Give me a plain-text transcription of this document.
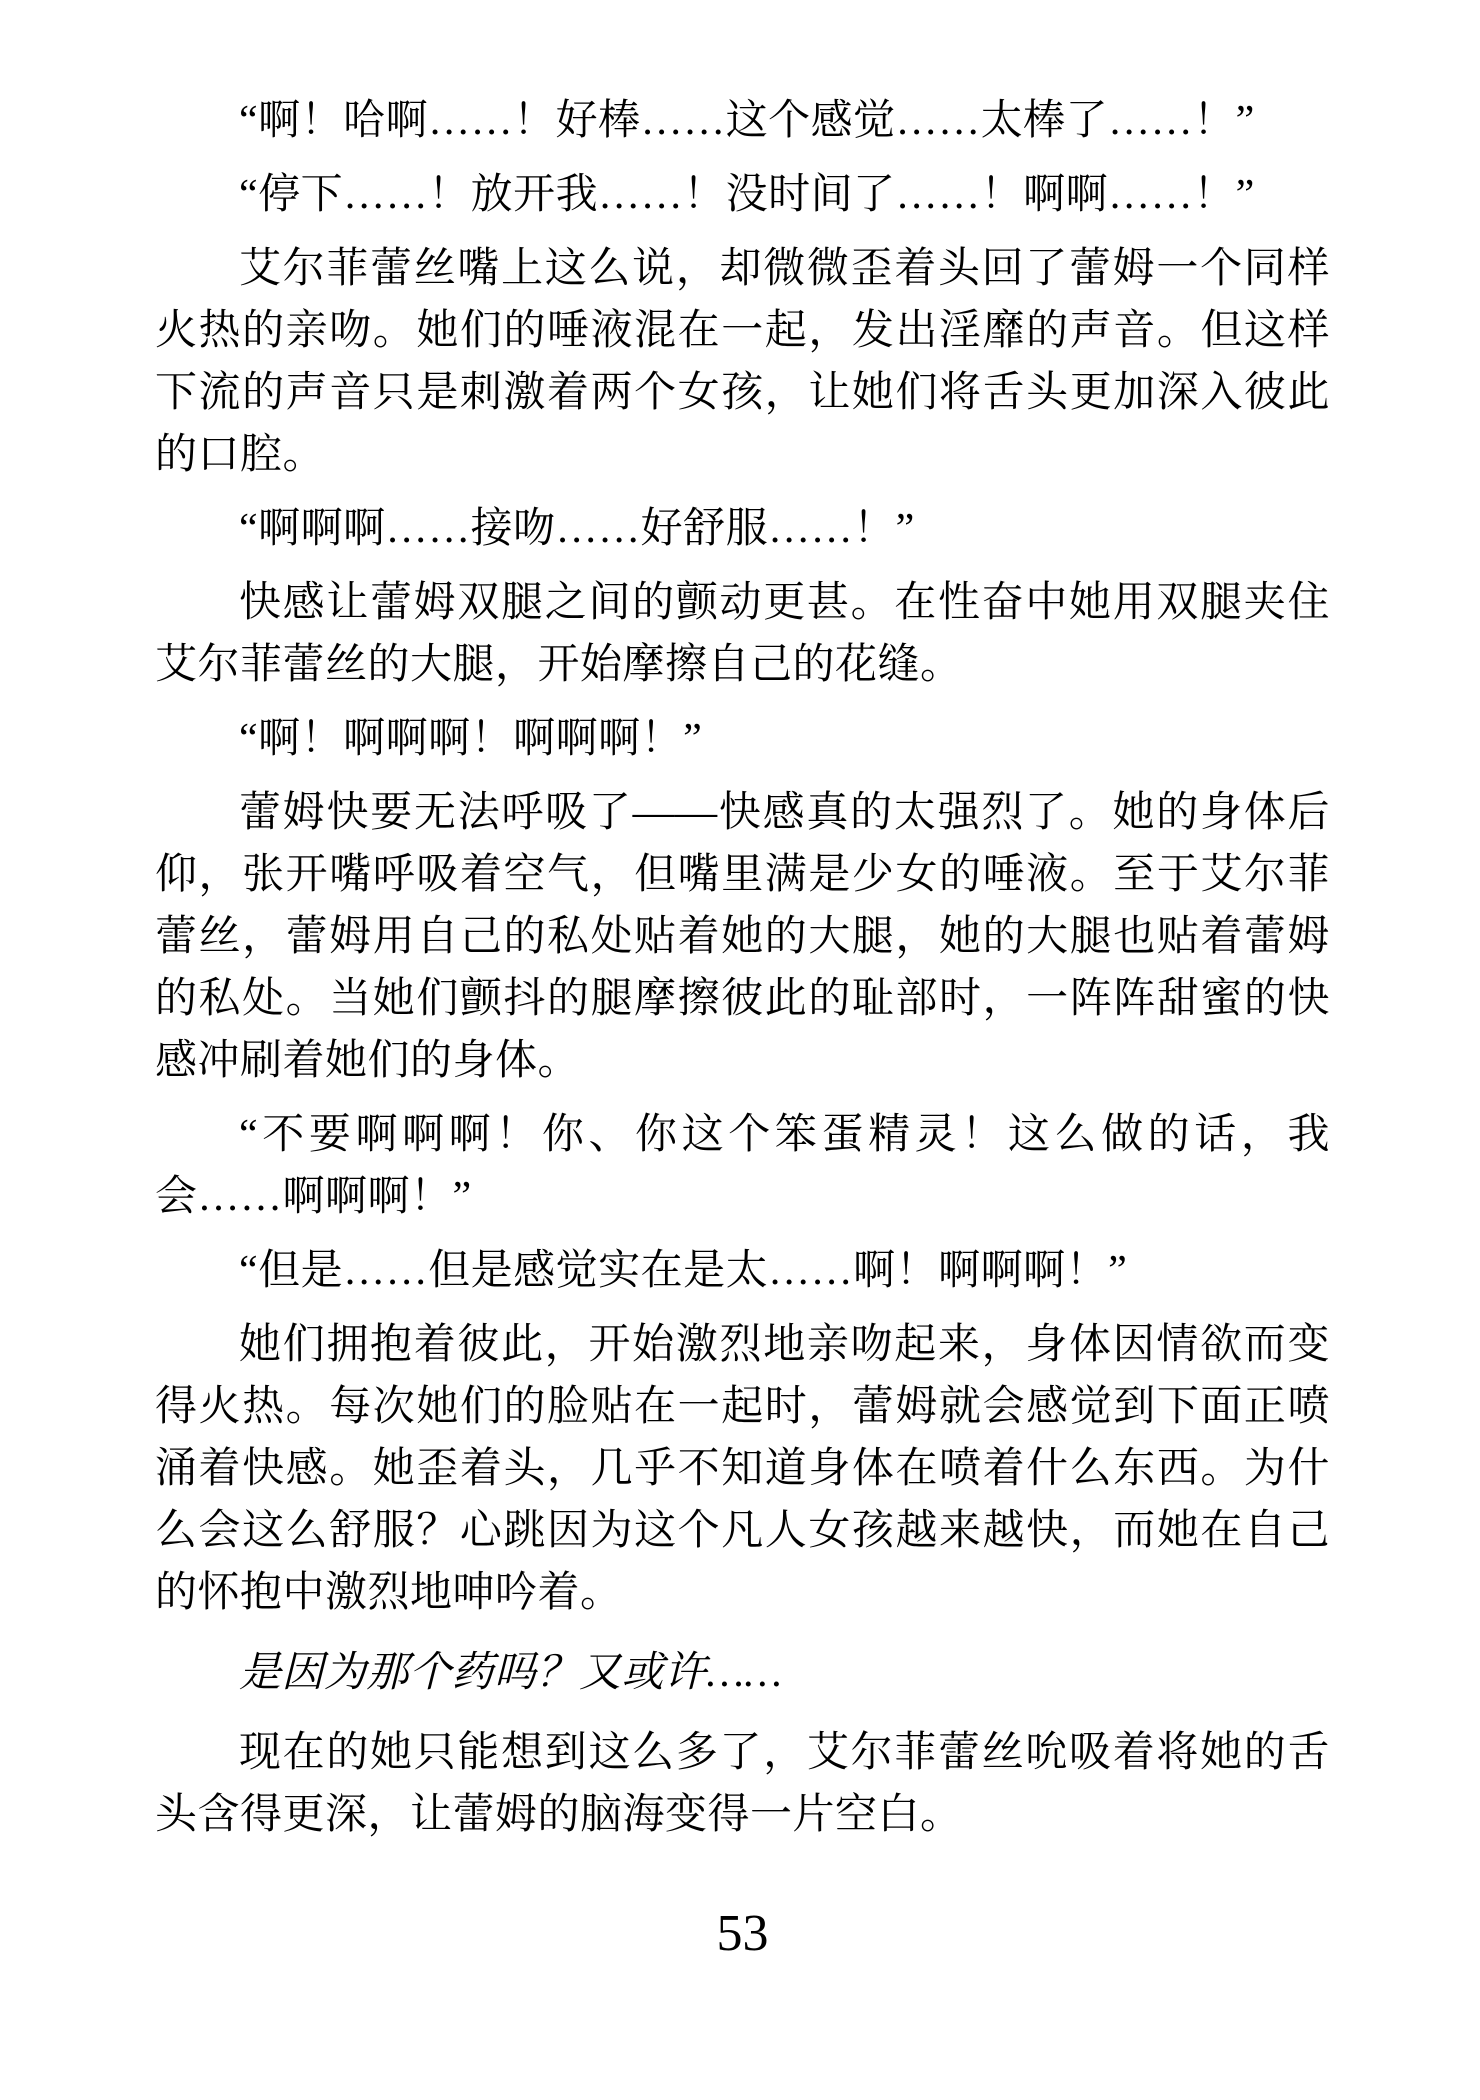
“啊！哈啊……！好棒……这个感觉……太棒了……！”

“停下……！放开我……！没时间了……！啊啊……！”

艾尔菲蕾丝嘴上这么说，却微微歪着头回了蕾姆一个同样火热的亲吻。她们的唾液混在一起，发出淫靡的声音。但这样下流的声音只是刺激着两个女孩，让她们将舌头更加深入彼此的口腔。

“啊啊啊……接吻……好舒服……！”

快感让蕾姆双腿之间的颤动更甚。在性奋中她用双腿夹住艾尔菲蕾丝的大腿，开始摩擦自己的花缝。

“啊！啊啊啊！啊啊啊！”

蕾姆快要无法呼吸了——快感真的太强烈了。她的身体后仰，张开嘴呼吸着空气，但嘴里满是少女的唾液。至于艾尔菲蕾丝，蕾姆用自己的私处贴着她的大腿，她的大腿也贴着蕾姆的私处。当她们颤抖的腿摩擦彼此的耻部时，一阵阵甜蜜的快感冲刷着她们的身体。

“不要啊啊啊！你、你这个笨蛋精灵！这么做的话，我会……啊啊啊！”

“但是……但是感觉实在是太……啊！啊啊啊！”

她们拥抱着彼此，开始激烈地亲吻起来，身体因情欲而变得火热。每次她们的脸贴在一起时，蕾姆就会感觉到下面正喷涌着快感。她歪着头，几乎不知道身体在喷着什么东西。为什么会这么舒服？心跳因为这个凡人女孩越来越快，而她在自己的怀抱中激烈地呻吟着。

是因为那个药吗？又或许……

现在的她只能想到这么多了，艾尔菲蕾丝吮吸着将她的舌头含得更深，让蕾姆的脑海变得一片空白。

53
